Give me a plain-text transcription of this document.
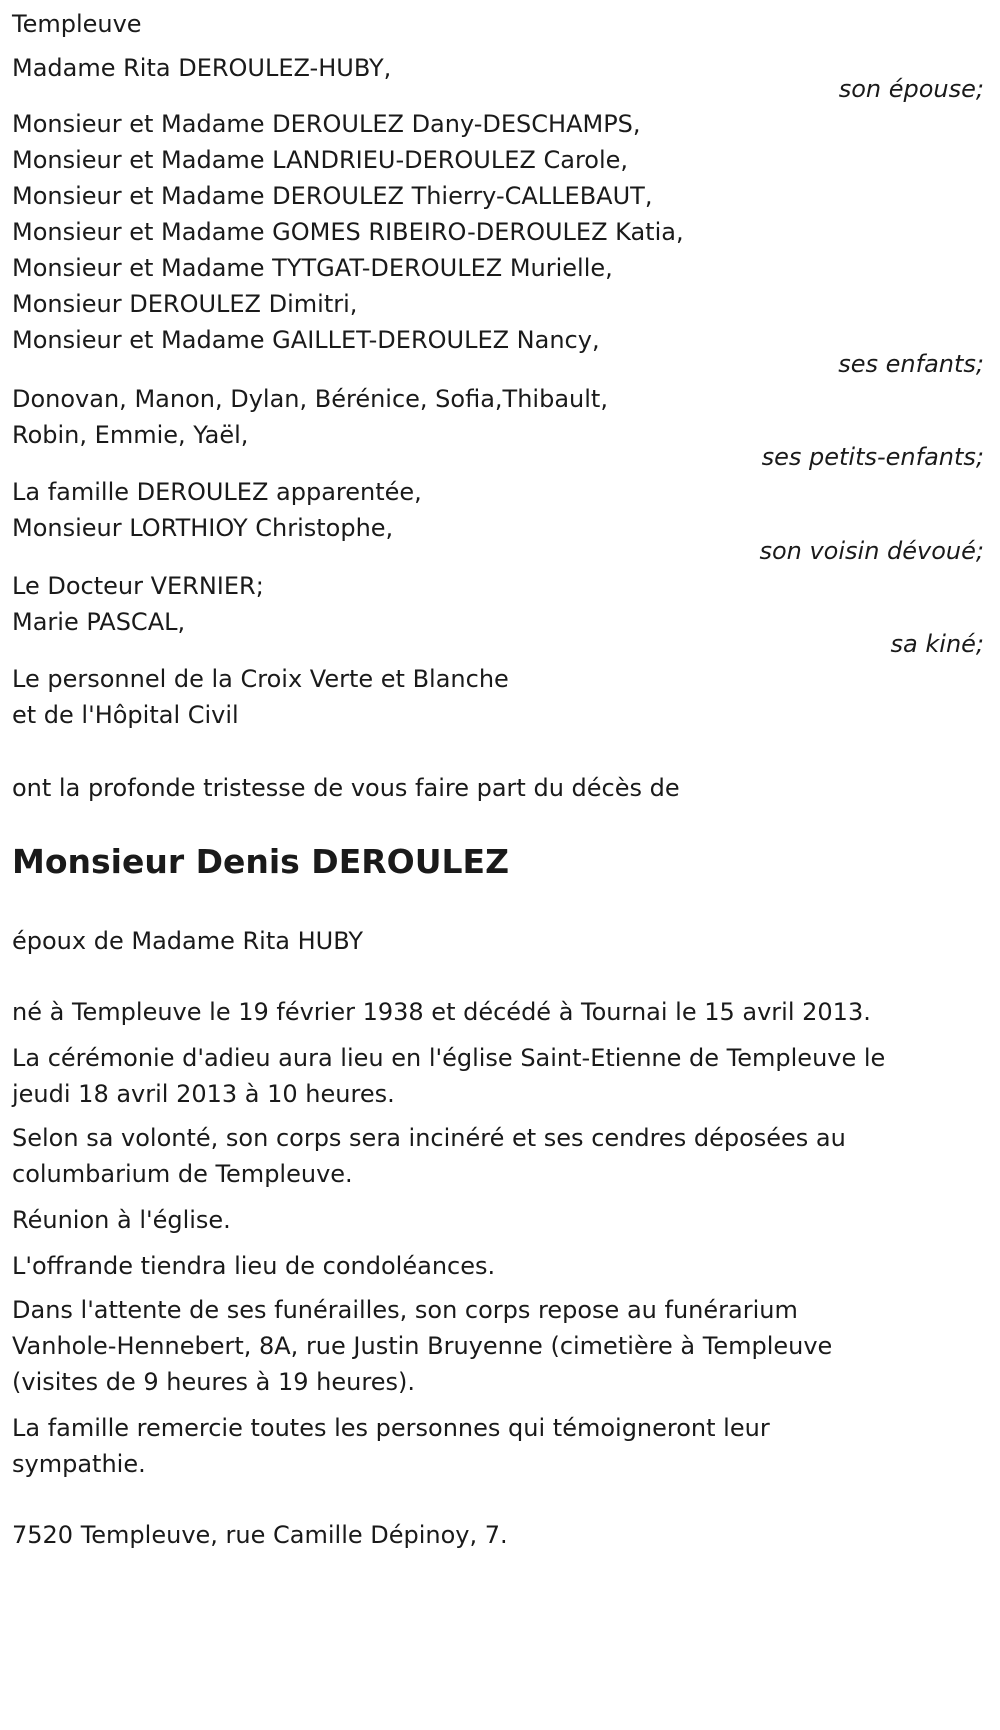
Templeuve
Madame Rita DEROULEZ-HUBY,
son épouse;
Monsieur et Madame DEROULEZ Dany-DESCHAMPS,
Monsieur et Madame LANDRIEU-DEROULEZ Carole,
Monsieur et Madame DEROULEZ Thierry-CALLEBAUT,
Monsieur et Madame GOMES RIBEIRO-DEROULEZ Katia,
Monsieur et Madame TYTGAT-DEROULEZ Murielle,
Monsieur DEROULEZ Dimitri,
Monsieur et Madame GAILLET-DEROULEZ Nancy,
ses enfants;
Donovan, Manon, Dylan, Bérénice, Sofia,Thibault,
Robin, Emmie, Yaël,
ses petits-enfants;
La famille DEROULEZ apparentée,
Monsieur LORTHIOY Christophe,
son voisin dévoué;
Le Docteur VERNIER;
Marie PASCAL,
sa kiné;
Le personnel de la Croix Verte et Blanche
et de l'Hôpital Civil
ont la profonde tristesse de vous faire part du décès de
Monsieur Denis DEROULEZ
époux de Madame Rita HUBY
né à Templeuve le 19 février 1938 et décédé à Tournai le 15 avril 2013.
La cérémonie d'adieu aura lieu en l'église Saint-Etienne de Templeuve le
jeudi 18 avril 2013 à 10 heures.
Selon sa volonté, son corps sera incinéré et ses cendres déposées au
columbarium de Templeuve.
Réunion à l'église.
L'offrande tiendra lieu de condoléances.
Dans l'attente de ses funérailles, son corps repose au funérarium
Vanhole-Hennebert, 8A, rue Justin Bruyenne (cimetière à Templeuve
(visites de 9 heures à 19 heures).
La famille remercie toutes les personnes qui témoigneront leur
sympathie.
7520 Templeuve, rue Camille Dépinoy, 7.
